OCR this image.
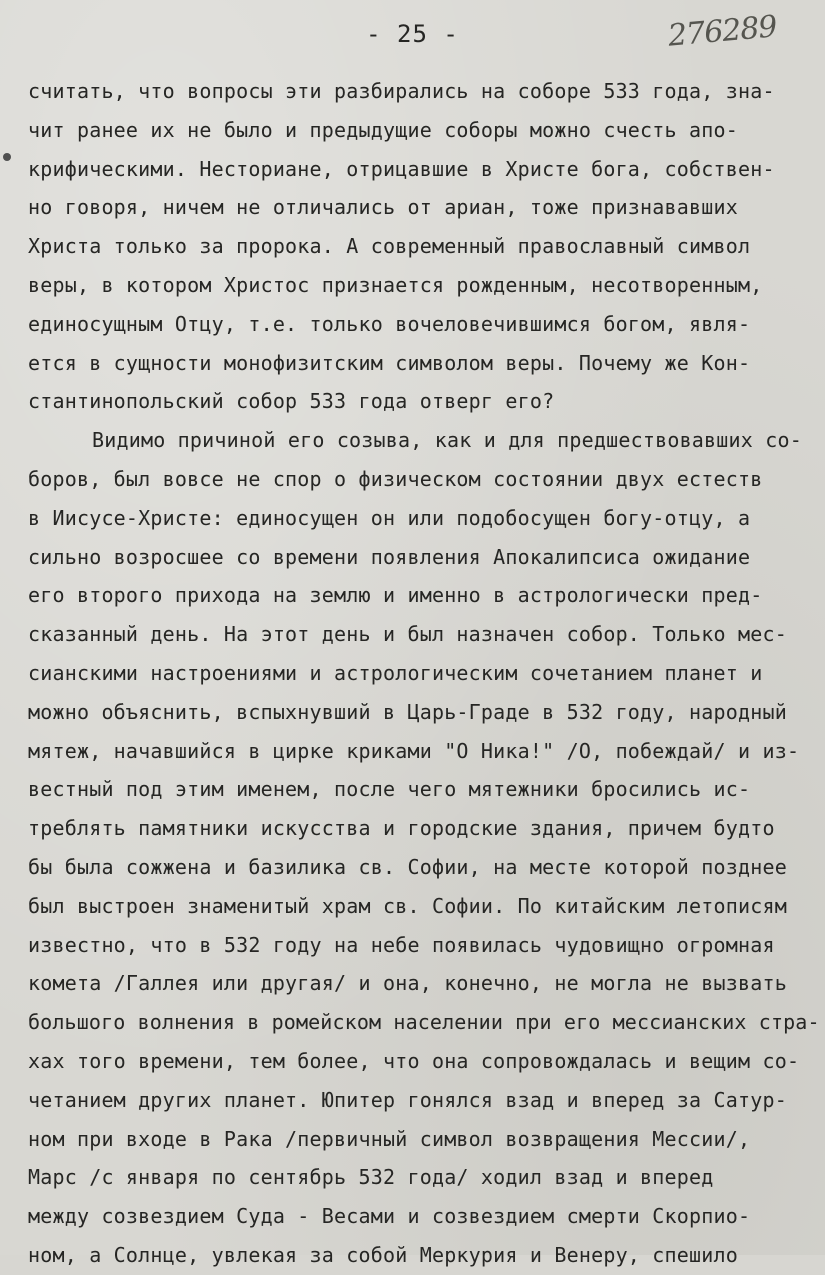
- 25 -	276289
считать, что вопросы эти разбирались на соборе 533 года, зна-
чит ранее их не было и предыдущие соборы можно счесть апо-
крифическими. Несториане, отрицавшие в Христе бога, собствен-
но говоря, ничем не отличались от ариан, тоже признававших
Христа только за пророка. А современный православный символ
веры, в котором Христос признается рожденным, несотворенным,
единосущным Отцу, т.е. только вочеловечившимся богом, явля-
ется в сущности монофизитским символом веры. Почему же Кон-
стантинопольский собор 533 года отверг его?
Видимо причиной его созыва, как и для предшествовавших со-
боров, был вовсе не спор о физическом состоянии двух естеств
в Иисусе-Христе: единосущен он или подобосущен богу-отцу, а
сильно возросшее со времени появления Апокалипсиса ожидание
его второго прихода на землю и именно в астрологически пред-
сказанный день. На этот день и был назначен собор. Только мес-
сианскими настроениями и астрологическим сочетанием планет и
можно объяснить, вспыхнувший в Царь-Граде в 532 году, народный
мятеж, начавшийся в цирке криками "О Ника!" /О, побеждай/ и из-
вестный под этим именем, после чего мятежники бросились ис-
треблять памятники искусства и городские здания, причем будто
бы была сожжена и базилика св. Софии, на месте которой позднее
был выстроен знаменитый храм св. Софии. По китайским летописям
известно, что в 532 году на небе появилась чудовищно огромная
комета /Галлея или другая/ и она, конечно, не могла не вызвать
большого волнения в ромейском населении при его мессианских стра-
хах того времени, тем более, что она сопровождалась и вещим со-
четанием других планет. Юпитер гонялся взад и вперед за Сатур-
ном при входе в Рака /первичный символ возвращения Мессии/,
Марс /с января по сентябрь 532 года/ ходил взад и вперед
между созвездием Суда - Весами и созвездием смерти Скорпио-
ном, а Солнце, увлекая за собой Меркурия и Венеру, спешило
